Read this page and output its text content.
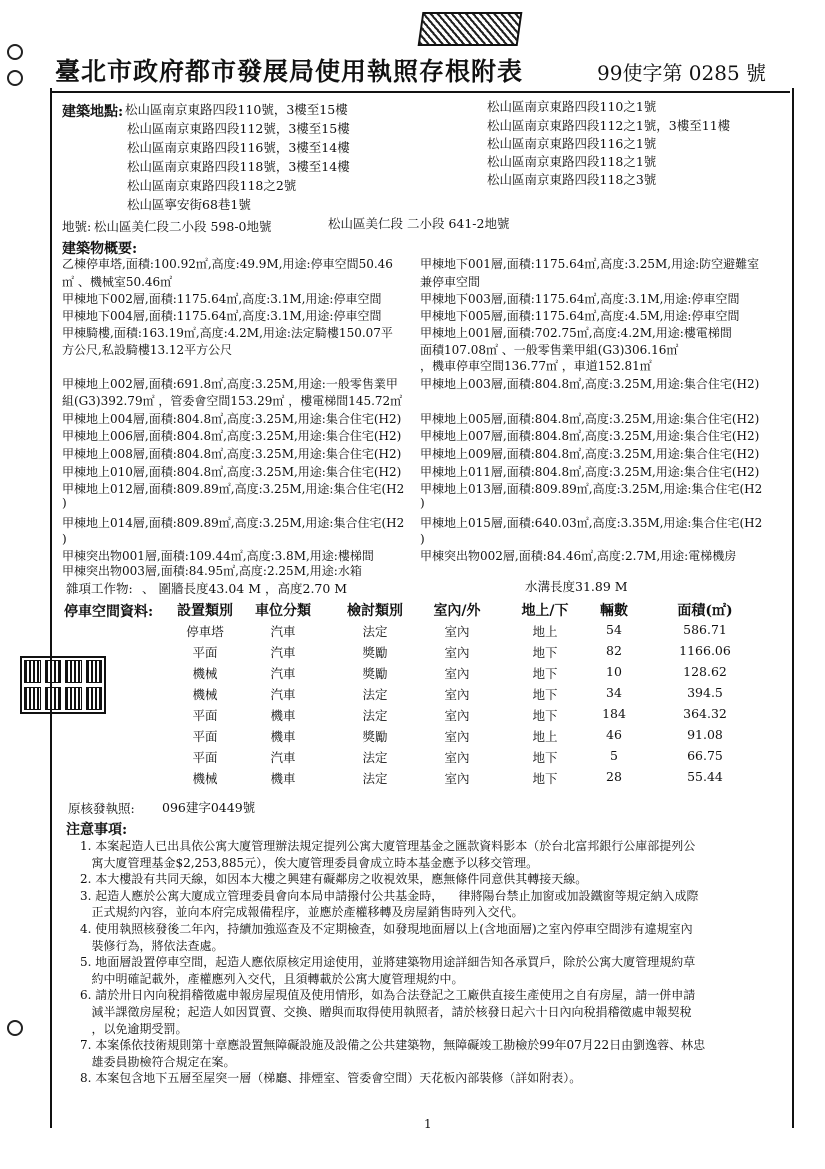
臺北市政府都市發展局使用執照存根附表	99使字第 0285 號
建築地點: 松山區南京東路四段110號，3樓至15樓
松山區南京東路四段112號，3樓至15樓
松山區南京東路四段116號，3樓至14樓
松山區南京東路四段118號，3樓至14樓
松山區南京東路四段118之2號
松山區寧安街68巷1號
松山區南京東路四段110之1號
松山區南京東路四段112之1號，3樓至11樓
松山區南京東路四段116之1號
松山區南京東路四段118之1號
松山區南京東路四段118之3號
地號: 松山區美仁段二小段 598-0地號	松山區美仁段 二小段 641-2地號
建築物概要:
乙棟停車塔,面積:100.92㎡,高度:49.9M,用途:停車空間50.46 甲棟地下001層,面積:1175.64㎡,高度:3.25M,用途:防空避難室
㎡ 、機械室50.46㎡	兼停車空間
甲棟地下002層,面積:1175.64㎡,高度:3.1M,用途:停車空間	甲棟地下003層,面積:1175.64㎡,高度:3.1M,用途:停車空間
甲棟地下004層,面積:1175.64㎡,高度:3.1M,用途:停車空間	甲棟地下005層,面積:1175.64㎡,高度:4.5M,用途:停車空間
甲棟騎樓,面積:163.19㎡,高度:4.2M,用途:法定騎樓150.07平 甲棟地上001層,面積:702.75㎡,高度:4.2M,用途:樓電梯間
方公尺,私設騎樓13.12平方公尺	面積107.08㎡ 、一般零售業甲組(G3)306.16㎡
，機車停車空間136.77㎡ ，車道152.81㎡
甲棟地上002層,面積:691.8㎡,高度:3.25M,用途:一般零售業甲 甲棟地上003層,面積:804.8㎡,高度:3.25M,用途:集合住宅(H2)
組(G3)392.79㎡ ，管委會空間153.29㎡ ，樓電梯間145.72㎡
甲棟地上004層,面積:804.8㎡,高度:3.25M,用途:集合住宅(H2) 甲棟地上005層,面積:804.8㎡,高度:3.25M,用途:集合住宅(H2)
甲棟地上006層,面積:804.8㎡,高度:3.25M,用途:集合住宅(H2) 甲棟地上007層,面積:804.8㎡,高度:3.25M,用途:集合住宅(H2)
甲棟地上008層,面積:804.8㎡,高度:3.25M,用途:集合住宅(H2) 甲棟地上009層,面積:804.8㎡,高度:3.25M,用途:集合住宅(H2)
甲棟地上010層,面積:804.8㎡,高度:3.25M,用途:集合住宅(H2) 甲棟地上011層,面積:804.8㎡,高度:3.25M,用途:集合住宅(H2)
甲棟地上012層,面積:809.89㎡,高度:3.25M,用途:集合住宅(H2 甲棟地上013層,面積:809.89㎡,高度:3.25M,用途:集合住宅(H2
)	)
甲棟地上014層,面積:809.89㎡,高度:3.25M,用途:集合住宅(H2 甲棟地上015層,面積:640.03㎡,高度:3.35M,用途:集合住宅(H2
)	)
甲棟突出物001層,面積:109.44㎡,高度:3.8M,用途:樓梯間	甲棟突出物002層,面積:84.46㎡,高度:2.7M,用途:電梯機房
甲棟突出物003層,面積:84.95㎡,高度:2.25M,用途:水箱
雜項工作物: 、 圍牆長度43.04 M ，高度2.70 M	水溝長度31.89 M
停車空間資料:	設置類別	車位分類	檢討類別	室內/外	地上/下	輛數	面積(㎡)
停車塔	汽車	法定	室內	地上	54	586.71
平面	汽車	獎勵	室內	地下	82	1166.06
機械	汽車	獎勵	室內	地下	10	128.62
機械	汽車	法定	室內	地下	34	394.5
平面	機車	法定	室內	地下	184	364.32
平面	機車	獎勵	室內	地上	46	91.08
平面	汽車	法定	室內	地下	5	66.75
機械	機車	法定	室內	地下	28	55.44
原核發執照: 096建字0449號
注意事項:
1. 本案起造人已出具依公寓大廈管理辦法規定提列公寓大廈管理基金之匯款資料影本（於台北富邦銀行公庫部提列公
寓大廈管理基金$2,253,885元），俟大廈管理委員會成立時本基金應予以移交管理。
2. 本大樓設有共同天線，如因本大樓之興建有礙鄰房之收視效果，應無條件同意供其轉接天線。
3. 起造人應於公寓大廈成立管理委員會向本局申請撥付公共基金時，    律將陽台禁止加窗或加設鐵窗等規定納入成際
正式規約內容，並向本府完成報備程序，並應於產權移轉及房屋銷售時列入交代。
4. 使用執照核發後二年內，持續加強巡查及不定期檢查，如發現地面層以上(含地面層)之室內停車空間涉有違規室內
裝修行為，將依法查處。
5. 地面層設置停車空間，起造人應依原核定用途使用，並將建築物用途詳細告知各承買戶，除於公寓大廈管理規約草
約中明確記載外，產權應列入交代，且須轉載於公寓大廈管理規約中。
6. 請於卅日內向稅捐稽徵處申報房屋現值及使用情形，如為合法登記之工廠供直接生產使用之自有房屋，請一併申請
減半課徵房屋稅；起造人如因買賣、交換、贈與而取得使用執照者，請於核發日起六十日內向稅捐稽徵處申報契稅
，以免逾期受罰。
7. 本案係依技術規則第十章應設置無障礙設施及設備之公共建築物，無障礙竣工勘檢於99年07月22日由劉逸蓉、林忠
雄委員勘檢符合規定在案。
8. 本案包含地下五層至屋突一層（梯廳、排煙室、管委會空間）天花板內部裝修（詳如附表）。
1
